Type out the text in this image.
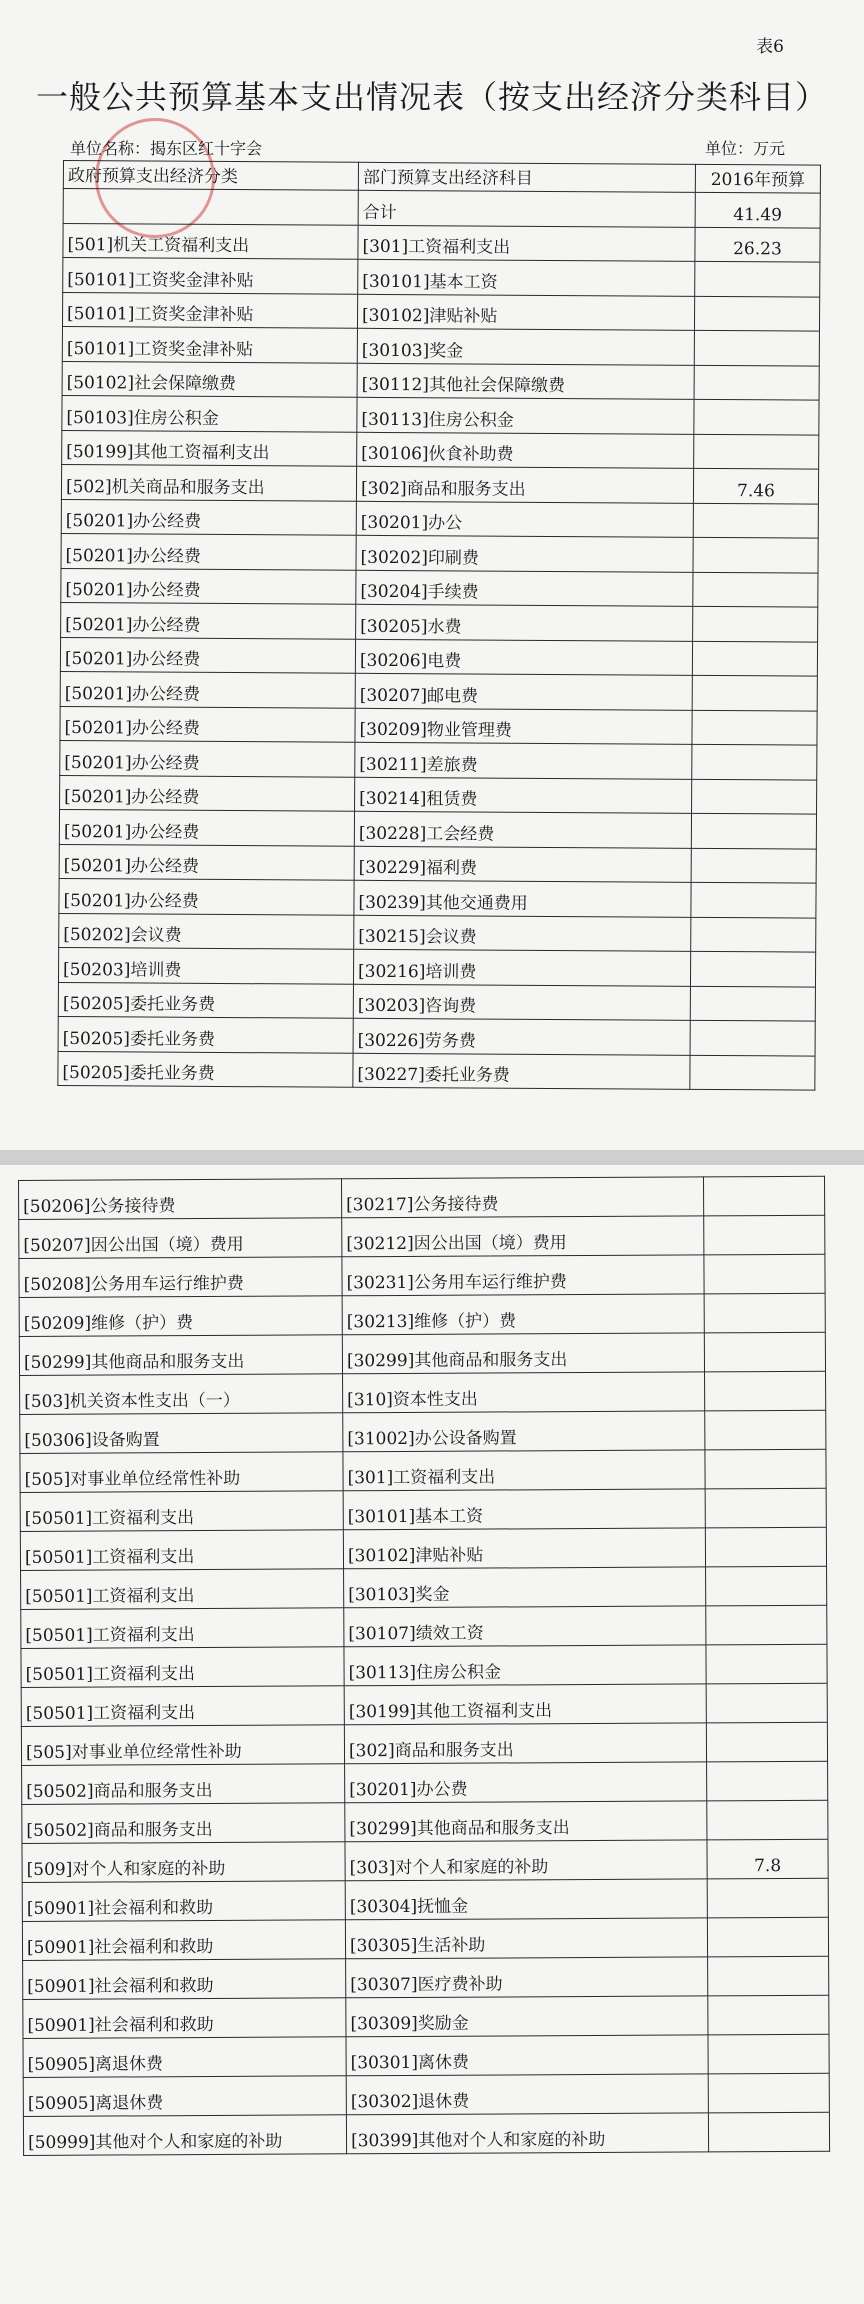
表6
一般公共预算基本支出情况表（按支出经济分类科目）
单位名称：揭东区红十字会	单位：万元
政府预算支出经济分类	部门预算支出经济科目	2016年预算
	合计	41.49
[501]机关工资福利支出	[301]工资福利支出	26.23
[50101]工资奖金津补贴	[30101]基本工资	
[50101]工资奖金津补贴	[30102]津贴补贴	
[50101]工资奖金津补贴	[30103]奖金	
[50102]社会保障缴费	[30112]其他社会保障缴费	
[50103]住房公积金	[30113]住房公积金	
[50199]其他工资福利支出	[30106]伙食补助费	
[502]机关商品和服务支出	[302]商品和服务支出	7.46
[50201]办公经费	[30201]办公	
[50201]办公经费	[30202]印刷费	
[50201]办公经费	[30204]手续费	
[50201]办公经费	[30205]水费	
[50201]办公经费	[30206]电费	
[50201]办公经费	[30207]邮电费	
[50201]办公经费	[30209]物业管理费	
[50201]办公经费	[30211]差旅费	
[50201]办公经费	[30214]租赁费	
[50201]办公经费	[30228]工会经费	
[50201]办公经费	[30229]福利费	
[50201]办公经费	[30239]其他交通费用	
[50202]会议费	[30215]会议费	
[50203]培训费	[30216]培训费	
[50205]委托业务费	[30203]咨询费	
[50205]委托业务费	[30226]劳务费	
[50205]委托业务费	[30227]委托业务费	
[50206]公务接待费	[30217]公务接待费	
[50207]因公出国（境）费用	[30212]因公出国（境）费用	
[50208]公务用车运行维护费	[30231]公务用车运行维护费	
[50209]维修（护）费	[30213]维修（护）费	
[50299]其他商品和服务支出	[30299]其他商品和服务支出	
[503]机关资本性支出（一）	[310]资本性支出	
[50306]设备购置	[31002]办公设备购置	
[505]对事业单位经常性补助	[301]工资福利支出	
[50501]工资福利支出	[30101]基本工资	
[50501]工资福利支出	[30102]津贴补贴	
[50501]工资福利支出	[30103]奖金	
[50501]工资福利支出	[30107]绩效工资	
[50501]工资福利支出	[30113]住房公积金	
[50501]工资福利支出	[30199]其他工资福利支出	
[505]对事业单位经常性补助	[302]商品和服务支出	
[50502]商品和服务支出	[30201]办公费	
[50502]商品和服务支出	[30299]其他商品和服务支出	
[509]对个人和家庭的补助	[303]对个人和家庭的补助	7.8
[50901]社会福利和救助	[30304]抚恤金	
[50901]社会福利和救助	[30305]生活补助	
[50901]社会福利和救助	[30307]医疗费补助	
[50901]社会福利和救助	[30309]奖励金	
[50905]离退休费	[30301]离休费	
[50905]离退休费	[30302]退休费	
[50999]其他对个人和家庭的补助	[30399]其他对个人和家庭的补助	
